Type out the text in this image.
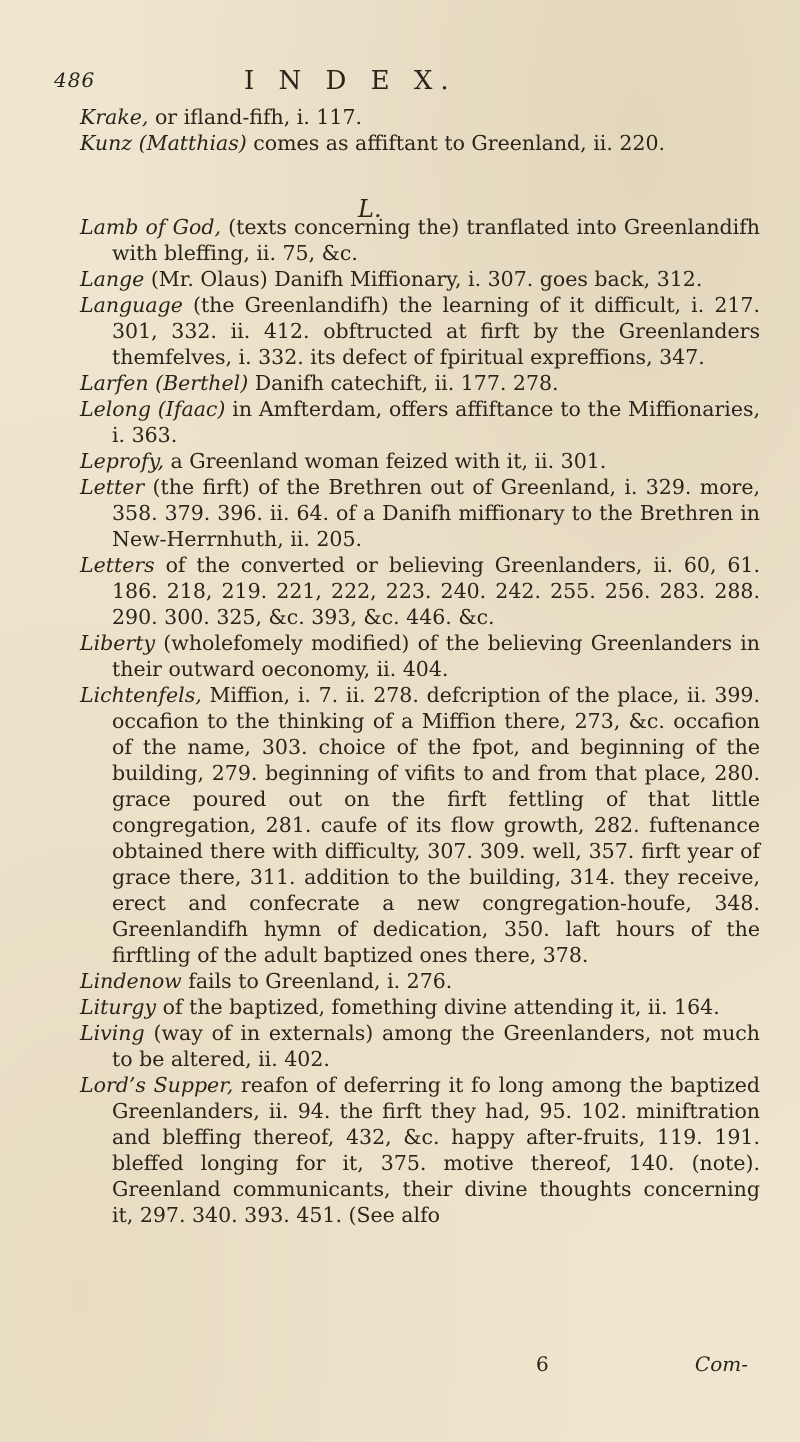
486	I N D E X.

Krake, or ifland-fifh, i. 117.

Kunz (Matthias) comes as affiftant to Greenland, ii. 220.

Lamb of God, (texts concerning the) tranflated into Greenlandifh with bleffing, ii. 75, &c.

Lange (Mr. Olaus) Danifh Miffionary, i. 307. goes back, 312.

Language (the Greenlandifh) the learning of it difficult, i. 217. 301, 332. ii. 412. obftructed at firft by the Greenlanders themfelves, i. 332. its defect of fpiritual expreffions, 347.

Larfen (Berthel) Danifh catechift, ii. 177. 278.

Lelong (Ifaac) in Amfterdam, offers affiftance to the Miffionaries, i. 363.

Leprofy, a Greenland woman feized with it, ii. 301.

Letter (the firft) of the Brethren out of Greenland, i. 329. more, 358. 379. 396. ii. 64. of a Danifh miffionary to the Brethren in New-Herrnhuth, ii. 205.

Letters of the converted or believing Greenlanders, ii. 60, 61. 186. 218, 219. 221, 222, 223. 240. 242. 255. 256. 283. 288. 290. 300. 325, &c. 393, &c. 446. &c.

Liberty (wholefomely modified) of the believing Greenlanders in their outward oeconomy, ii. 404.

Lichtenfels, Miffion, i. 7. ii. 278. defcription of the place, ii. 399. occafion to the thinking of a Miffion there, 273, &c. occafion of the name, 303. choice of the fpot, and beginning of the building, 279. beginning of vifits to and from that place, 280. grace poured out on the firft fettling of that little congregation, 281. caufe of its flow growth, 282. fuftenance obtained there with difficulty, 307. 309. well, 357. firft year of grace there, 311. addition to the building, 314. they receive, erect and confecrate a new congregation-houfe, 348. Greenlandifh hymn of dedication, 350. laft hours of the firftling of the adult baptized ones there, 378.

Lindenow fails to Greenland, i. 276.

Liturgy of the baptized, fomething divine attending it, ii. 164.

Living (way of in externals) among the Greenlanders, not much to be altered, ii. 402.

Lord’s Supper, reafon of deferring it fo long among the baptized Greenlanders, ii. 94. the firft they had, 95. 102. miniftration and bleffing thereof, 432, &c. happy after-fruits, 119. 191. bleffed longing for it, 375. motive thereof, 140. (note). Greenland communicants, their divine thoughts concerning it, 297. 340. 393. 451. (See alfo

L.
6	Com-
